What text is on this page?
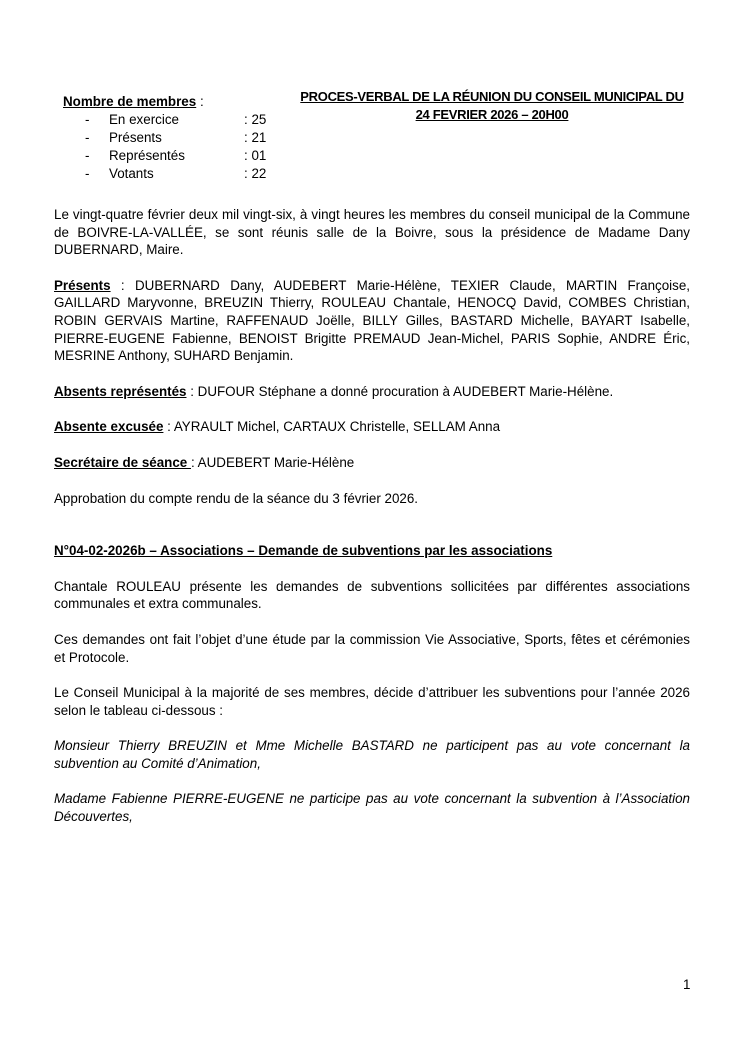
Nombre de membres :
- En exercice	: 25
- Présents	: 21
- Représentés	: 01
- Votants	: 22
PROCES-VERBAL DE LA RÉUNION DU CONSEIL MUNICIPAL DU
24 FEVRIER 2026 – 20H00

Le vingt-quatre février deux mil vingt-six, à vingt heures les membres du conseil municipal de la Commune de BOIVRE-LA-VALLÉE, se sont réunis salle de la Boivre, sous la présidence de Madame Dany DUBERNARD, Maire.

Présents : DUBERNARD Dany, AUDEBERT Marie-Hélène, TEXIER Claude, MARTIN Françoise, GAILLARD Maryvonne, BREUZIN Thierry, ROULEAU Chantale, HENOCQ David, COMBES Christian, ROBIN GERVAIS Martine, RAFFENAUD Joëlle, BILLY Gilles, BASTARD Michelle, BAYART Isabelle, PIERRE-EUGENE Fabienne, BENOIST Brigitte PREMAUD Jean-Michel, PARIS Sophie, ANDRE Éric, MESRINE Anthony, SUHARD Benjamin.

Absents représentés : DUFOUR Stéphane a donné procuration à AUDEBERT Marie-Hélène.

Absente excusée : AYRAULT Michel, CARTAUX Christelle, SELLAM Anna

Secrétaire de séance : AUDEBERT Marie-Hélène

Approbation du compte rendu de la séance du 3 février 2026.

N°04-02-2026b – Associations – Demande de subventions par les associations

Chantale ROULEAU présente les demandes de subventions sollicitées par différentes associations communales et extra communales.

Ces demandes ont fait l’objet d’une étude par la commission Vie Associative, Sports, fêtes et cérémonies et Protocole.

Le Conseil Municipal à la majorité de ses membres, décide d’attribuer les subventions pour l’année 2026 selon le tableau ci-dessous :

Monsieur Thierry BREUZIN et Mme Michelle BASTARD ne participent pas au vote concernant la subvention au Comité d’Animation,

Madame Fabienne PIERRE-EUGENE ne participe pas au vote concernant la subvention à l’Association Découvertes,

1
